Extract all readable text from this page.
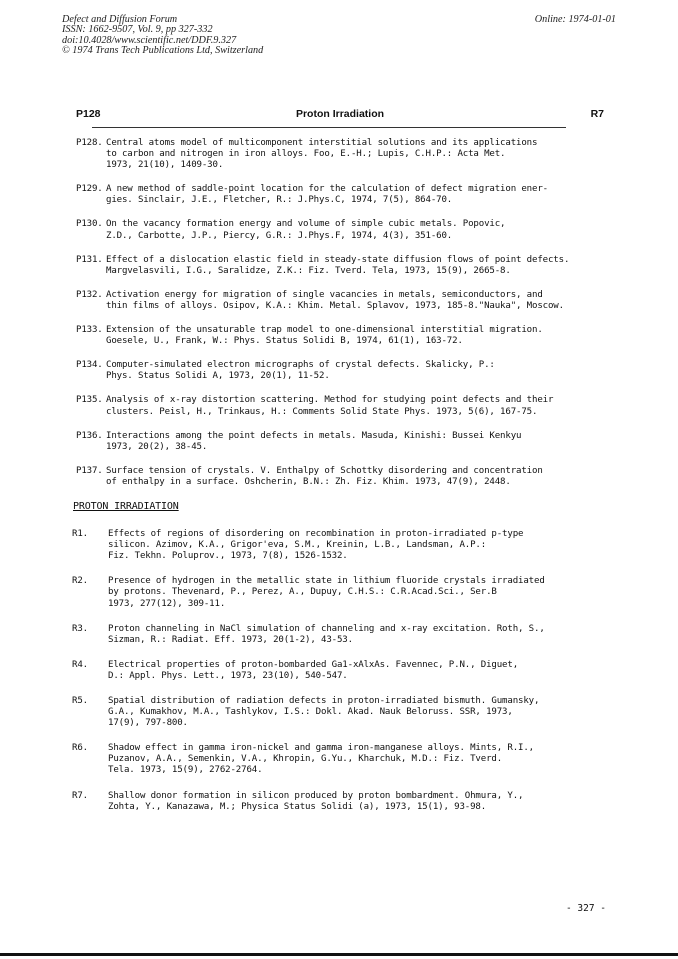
Defect and Diffusion Forum
ISSN: 1662-9507, Vol. 9, pp 327-332
doi:10.4028/www.scientific.net/DDF.9.327
© 1974 Trans Tech Publications Ltd, Switzerland
Online: 1974-01-01
P128	Proton Irradiation	R7
P128. Central atoms model of multicomponent interstitial solutions and its applications
to carbon and nitrogen in iron alloys. Foo, E.-H.; Lupis, C.H.P.: Acta Met.
1973, 21(10), 1409-30.
P129. A new method of saddle-point location for the calculation of defect migration ener-
gies. Sinclair, J.E., Fletcher, R.: J.Phys.C, 1974, 7(5), 864-70.
P130. On the vacancy formation energy and volume of simple cubic metals. Popovic,
Z.D., Carbotte, J.P., Piercy, G.R.: J.Phys.F, 1974, 4(3), 351-60.
P131. Effect of a dislocation elastic field in steady-state diffusion flows of point defects.
Margvelasvili, I.G., Saralidze, Z.K.: Fiz. Tverd. Tela, 1973, 15(9), 2665-8.
P132. Activation energy for migration of single vacancies in metals, semiconductors, and
thin films of alloys. Osipov, K.A.: Khim. Metal. Splavov, 1973, 185-8."Nauka", Moscow.
P133. Extension of the unsaturable trap model to one-dimensional interstitial migration.
Goesele, U., Frank, W.: Phys. Status Solidi B, 1974, 61(1), 163-72.
P134. Computer-simulated electron micrographs of crystal defects. Skalicky, P.:
Phys. Status Solidi A, 1973, 20(1), 11-52.
P135. Analysis of x-ray distortion scattering. Method for studying point defects and their
clusters. Peisl, H., Trinkaus, H.: Comments Solid State Phys. 1973, 5(6), 167-75.
P136. Interactions among the point defects in metals. Masuda, Kinishi: Bussei Kenkyu
1973, 20(2), 38-45.
P137. Surface tension of crystals. V. Enthalpy of Schottky disordering and concentration
of enthalpy in a surface. Oshcherin, B.N.: Zh. Fiz. Khim. 1973, 47(9), 2448.
PROTON IRRADIATION
R1. Effects of regions of disordering on recombination in proton-irradiated p-type
silicon. Azimov, K.A., Grigor'eva, S.M., Kreinin, L.B., Landsman, A.P.:
Fiz. Tekhn. Poluprov., 1973, 7(8), 1526-1532.
R2. Presence of hydrogen in the metallic state in lithium fluoride crystals irradiated
by protons. Thevenard, P., Perez, A., Dupuy, C.H.S.: C.R.Acad.Sci., Ser.B
1973, 277(12), 309-11.
R3. Proton channeling in NaCl simulation of channeling and x-ray excitation. Roth, S.,
Sizman, R.: Radiat. Eff. 1973, 20(1-2), 43-53.
R4. Electrical properties of proton-bombarded Ga1-xAlxAs. Favennec, P.N., Diguet,
D.: Appl. Phys. Lett., 1973, 23(10), 540-547.
R5. Spatial distribution of radiation defects in proton-irradiated bismuth. Gumansky,
G.A., Kumakhov, M.A., Tashlykov, I.S.: Dokl. Akad. Nauk Beloruss. SSR, 1973,
17(9), 797-800.
R6. Shadow effect in gamma iron-nickel and gamma iron-manganese alloys. Mints, R.I.,
Puzanov, A.A., Semenkin, V.A., Khropin, G.Yu., Kharchuk, M.D.: Fiz. Tverd.
Tela. 1973, 15(9), 2762-2764.
R7. Shallow donor formation in silicon produced by proton bombardment. Ohmura, Y.,
Zohta, Y., Kanazawa, M.; Physica Status Solidi (a), 1973, 15(1), 93-98.
- 327 -
